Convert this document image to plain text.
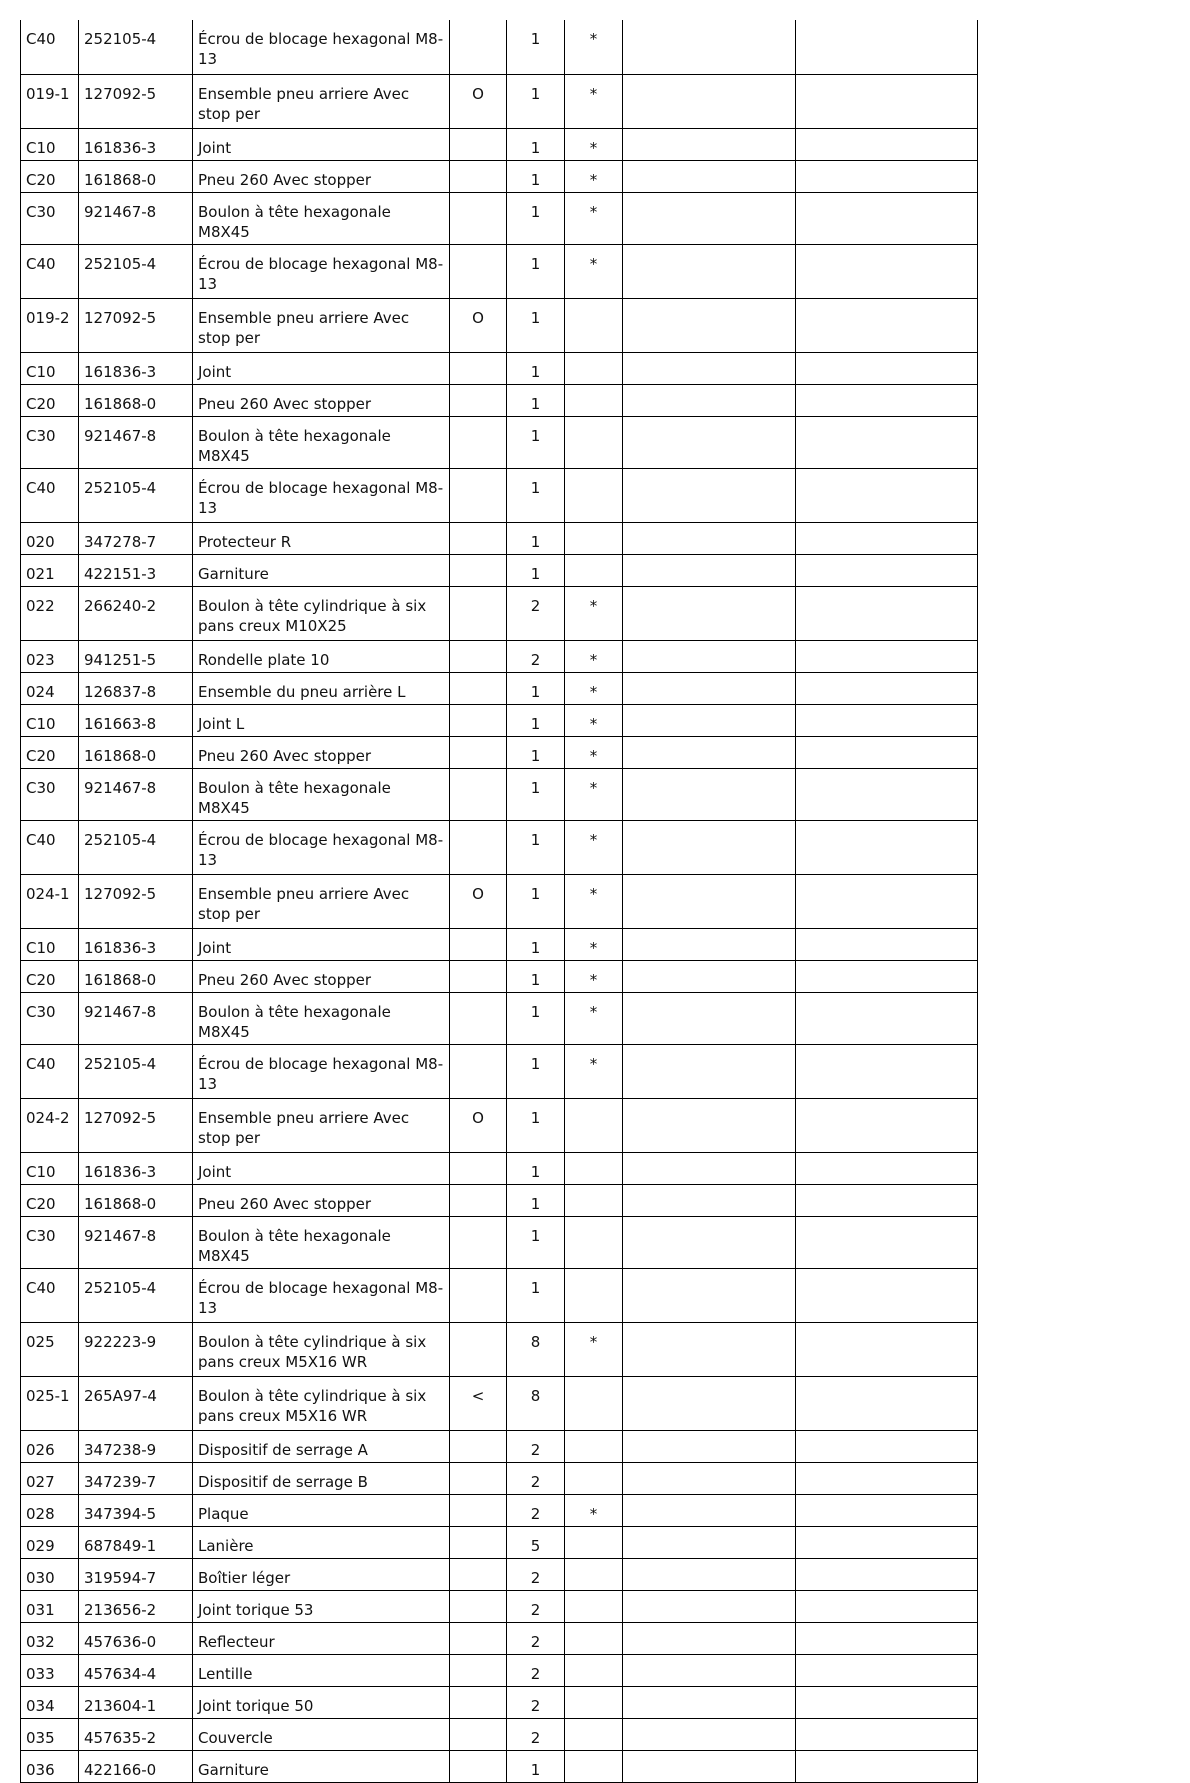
C40	252105-4	Écrou de blocage hexagonal M8-13		1	*		
019-1	127092-5	Ensemble pneu arriere Avec stop per	O	1	*		
C10	161836-3	Joint		1	*		
C20	161868-0	Pneu 260 Avec stopper		1	*		
C30	921467-8	Boulon à tête hexagonale M8X45		1	*		
C40	252105-4	Écrou de blocage hexagonal M8-13		1	*		
019-2	127092-5	Ensemble pneu arriere Avec stop per	O	1			
C10	161836-3	Joint		1			
C20	161868-0	Pneu 260 Avec stopper		1			
C30	921467-8	Boulon à tête hexagonale M8X45		1			
C40	252105-4	Écrou de blocage hexagonal M8-13		1			
020	347278-7	Protecteur R		1			
021	422151-3	Garniture		1			
022	266240-2	Boulon à tête cylindrique à six pans creux M10X25		2	*		
023	941251-5	Rondelle plate 10		2	*		
024	126837-8	Ensemble du pneu arrière L		1	*		
C10	161663-8	Joint L		1	*		
C20	161868-0	Pneu 260 Avec stopper		1	*		
C30	921467-8	Boulon à tête hexagonale M8X45		1	*		
C40	252105-4	Écrou de blocage hexagonal M8-13		1	*		
024-1	127092-5	Ensemble pneu arriere Avec stop per	O	1	*		
C10	161836-3	Joint		1	*		
C20	161868-0	Pneu 260 Avec stopper		1	*		
C30	921467-8	Boulon à tête hexagonale M8X45		1	*		
C40	252105-4	Écrou de blocage hexagonal M8-13		1	*		
024-2	127092-5	Ensemble pneu arriere Avec stop per	O	1			
C10	161836-3	Joint		1			
C20	161868-0	Pneu 260 Avec stopper		1			
C30	921467-8	Boulon à tête hexagonale M8X45		1			
C40	252105-4	Écrou de blocage hexagonal M8-13		1			
025	922223-9	Boulon à tête cylindrique à six pans creux M5X16 WR		8	*		
025-1	265A97-4	Boulon à tête cylindrique à six pans creux M5X16 WR	<	8			
026	347238-9	Dispositif de serrage A		2			
027	347239-7	Dispositif de serrage B		2			
028	347394-5	Plaque		2	*		
029	687849-1	Lanière		5			
030	319594-7	Boîtier léger		2			
031	213656-2	Joint torique 53		2			
032	457636-0	Reflecteur		2			
033	457634-4	Lentille		2			
034	213604-1	Joint torique 50		2			
035	457635-2	Couvercle		2			
036	422166-0	Garniture		1			
